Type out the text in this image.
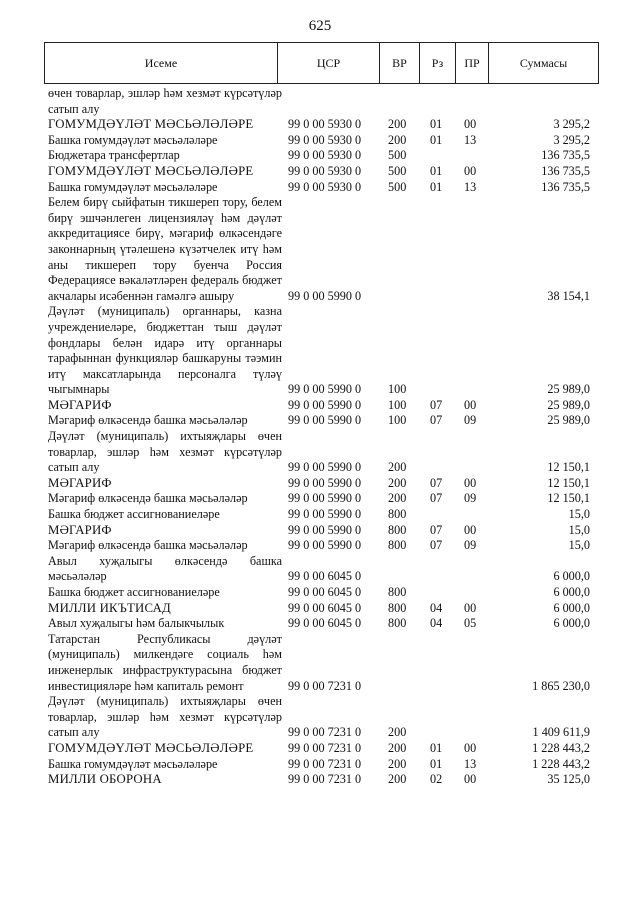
625
Исеме	ЦСР	ВР	Рз	ПР	Суммасы
өчен товарлар, эшләр һәм хезмәт күрсәтүләр сатып алу
ГОМУМДӘҮЛӘТ МӘСЬӘЛӘЛӘРЕ	99 0 00 5930 0	200	01	00	3 295,2
Башка гомумдәүләт мәсьәләләре	99 0 00 5930 0	200	01	13	3 295,2
Бюджетара трансфертлар	99 0 00 5930 0	500	136 735,5
ГОМУМДӘҮЛӘТ МӘСЬӘЛӘЛӘРЕ	99 0 00 5930 0	500	01	00	136 735,5
Башка гомумдәүләт мәсьәләләре	99 0 00 5930 0	500	01	13	136 735,5
Белем бирү сыйфатын тикшереп тору, белем бирү эшчәнлеген лицензияләү һәм дәүләт аккредитациясе бирү, мәгариф өлкәсендәге законнарның үтәлешенә күзәтчелек итү һәм аны тикшереп тору буенча Россия Федерациясе вәкаләтләрен федераль бюджет акчалары исәбеннән гамәлгә ашыру	99 0 00 5990 0	38 154,1
Дәүләт (муниципаль) органнары, казна учреждениеләре, бюджеттан тыш дәүләт фондлары белән идарә итү органнары тарафыннан функцияләр башкаруны тәэмин итү максатларында персоналга түләү чыгымнары	99 0 00 5990 0	100	25 989,0
МӘГАРИФ	99 0 00 5990 0	100	07	00	25 989,0
Мәгариф өлкәсендә башка мәсьәләләр	99 0 00 5990 0	100	07	09	25 989,0
Дәүләт (муниципаль) ихтыяҗлары өчен товарлар, эшләр һәм хезмәт күрсәтүләр сатып алу	99 0 00 5990 0	200	12 150,1
МӘГАРИФ	99 0 00 5990 0	200	07	00	12 150,1
Мәгариф өлкәсендә башка мәсьәләләр	99 0 00 5990 0	200	07	09	12 150,1
Башка бюджет ассигнованиеләре	99 0 00 5990 0	800	15,0
МӘГАРИФ	99 0 00 5990 0	800	07	00	15,0
Мәгариф өлкәсендә башка мәсьәләләр	99 0 00 5990 0	800	07	09	15,0
Авыл хуҗалыгы өлкәсендә башка мәсьәләләр	99 0 00 6045 0	6 000,0
Башка бюджет ассигнованиеләре	99 0 00 6045 0	800	6 000,0
МИЛЛИ ИКЪТИСАД	99 0 00 6045 0	800	04	00	6 000,0
Авыл хуҗалыгы һәм балыкчылык	99 0 00 6045 0	800	04	05	6 000,0
Татарстан Республикасы дәүләт (муниципаль) милкендәге социаль һәм инженерлык инфраструктурасына бюджет инвестицияләре һәм капиталь ремонт	99 0 00 7231 0	1 865 230,0
Дәүләт (муниципаль) ихтыяҗлары өчен товарлар, эшләр һәм хезмәт күрсәтүләр сатып алу	99 0 00 7231 0	200	1 409 611,9
ГОМУМДӘҮЛӘТ МӘСЬӘЛӘЛӘРЕ	99 0 00 7231 0	200	01	00	1 228 443,2
Башка гомумдәүләт мәсьәләләре	99 0 00 7231 0	200	01	13	1 228 443,2
МИЛЛИ ОБОРОНА	99 0 00 7231 0	200	02	00	35 125,0
